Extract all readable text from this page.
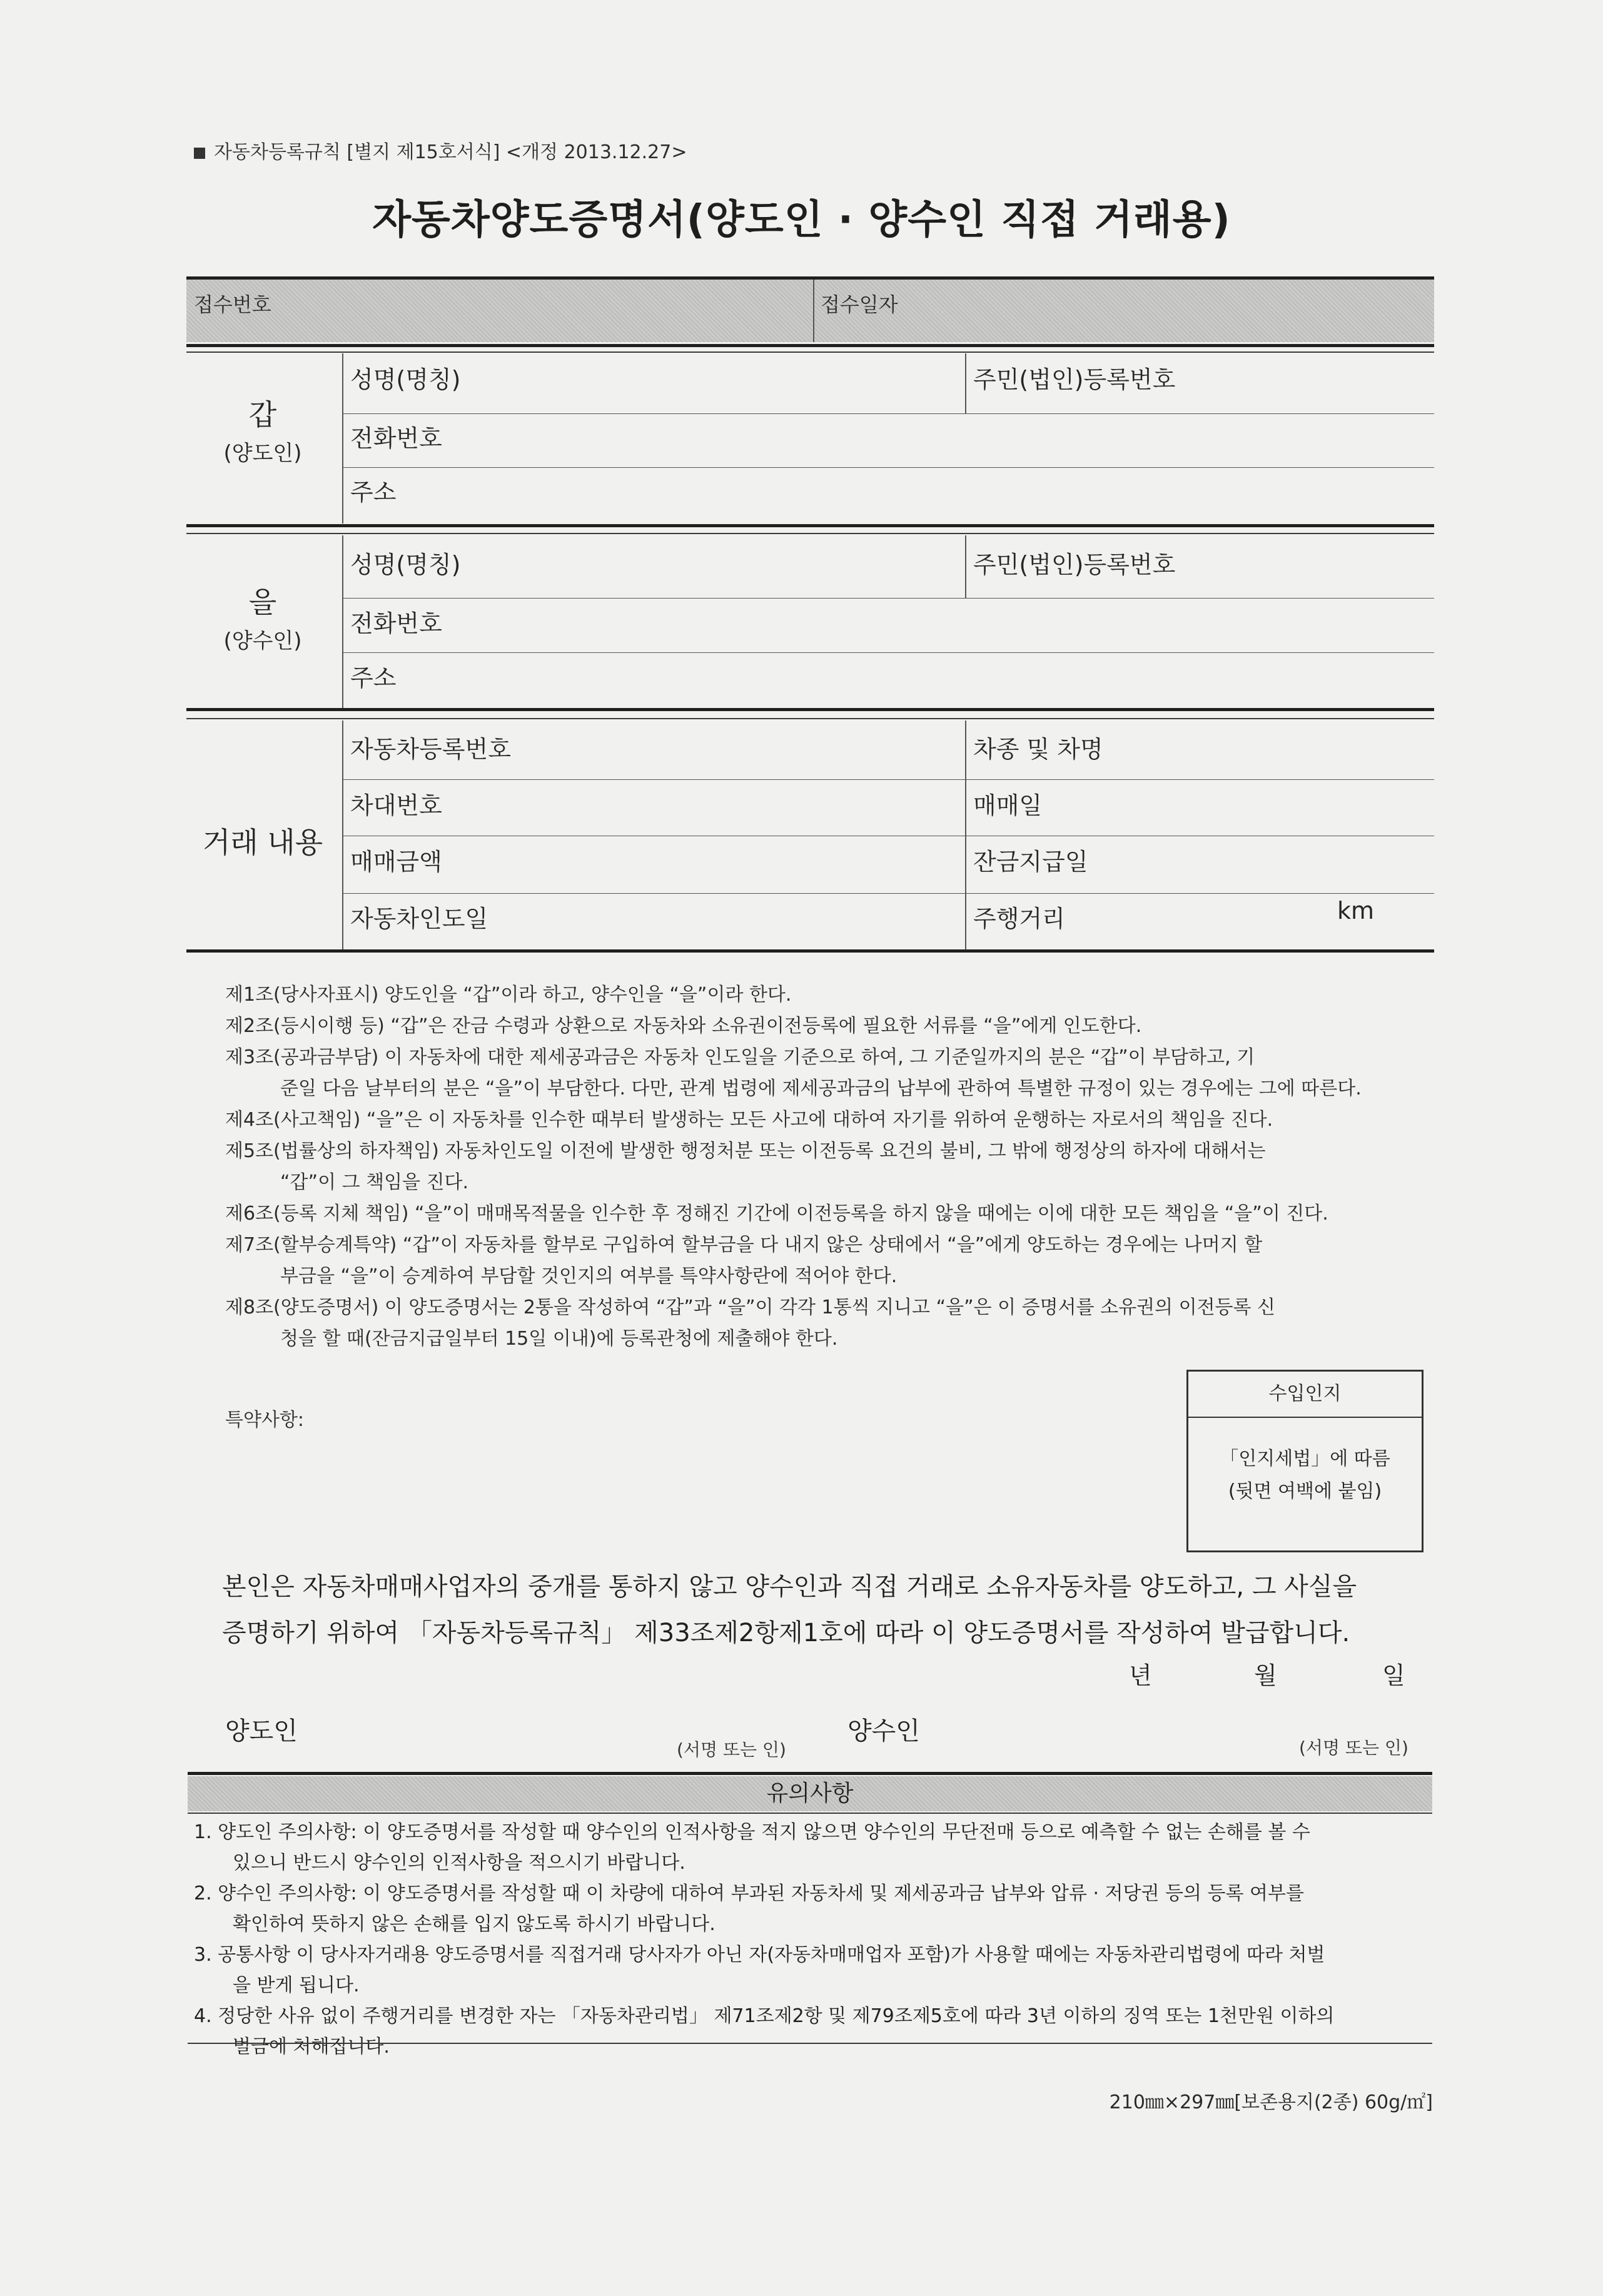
자동차등록규칙 [별지 제15호서식] <개정 2013.12.27>
자동차양도증명서(양도인 · 양수인 직접 거래용)
접수번호	접수일자
갑
(양도인)
성명(명칭)	주민(법인)등록번호
전화번호
주소
을
(양수인)
성명(명칭)	주민(법인)등록번호
전화번호
주소
거래 내용
자동차등록번호	차종 및 차명
차대번호	매매일
매매금액	잔금지급일
자동차인도일	주행거리	km
제1조(당사자표시) 양도인을 “갑”이라 하고, 양수인을 “을”이라 한다.
제2조(등시이행 등) “갑”은 잔금 수령과 상환으로 자동차와 소유권이전등록에 필요한 서류를 “을”에게 인도한다.
제3조(공과금부담) 이 자동차에 대한 제세공과금은 자동차 인도일을 기준으로 하여, 그 기준일까지의 분은 “갑”이 부담하고, 기
준일 다음 날부터의 분은 “을”이 부담한다. 다만, 관계 법령에 제세공과금의 납부에 관하여 특별한 규정이 있는 경우에는 그에 따른다.
제4조(사고책임) “을”은 이 자동차를 인수한 때부터 발생하는 모든 사고에 대하여 자기를 위하여 운행하는 자로서의 책임을 진다.
제5조(법률상의 하자책임) 자동차인도일 이전에 발생한 행정처분 또는 이전등록 요건의 불비, 그 밖에 행정상의 하자에 대해서는
“갑”이 그 책임을 진다.
제6조(등록 지체 책임) “을”이 매매목적물을 인수한 후 정해진 기간에 이전등록을 하지 않을 때에는 이에 대한 모든 책임을 “을”이 진다.
제7조(할부승계특약) “갑”이 자동차를 할부로 구입하여 할부금을 다 내지 않은 상태에서 “을”에게 양도하는 경우에는 나머지 할
부금을 “을”이 승계하여 부담할 것인지의 여부를 특약사항란에 적어야 한다.
제8조(양도증명서) 이 양도증명서는 2통을 작성하여 “갑”과 “을”이 각각 1통씩 지니고 “을”은 이 증명서를 소유권의 이전등록 신
청을 할 때(잔금지급일부터 15일 이내)에 등록관청에 제출해야 한다.
특약사항:
수입인지
「인지세법」에 따름
(뒷면 여백에 붙임)
본인은 자동차매매사업자의 중개를 통하지 않고 양수인과 직접 거래로 소유자동차를 양도하고, 그 사실을
증명하기 위하여 「자동차등록규칙」 제33조제2항제1호에 따라 이 양도증명서를 작성하여 발급합니다.
년	월	일
양도인
(서명 또는 인)
양수인
(서명 또는 인)
유의사항
1. 양도인 주의사항: 이 양도증명서를 작성할 때 양수인의 인적사항을 적지 않으면 양수인의 무단전매 등으로 예측할 수 없는 손해를 볼 수
있으니 반드시 양수인의 인적사항을 적으시기 바랍니다.
2. 양수인 주의사항: 이 양도증명서를 작성할 때 이 차량에 대하여 부과된 자동차세 및 제세공과금 납부와 압류 · 저당권 등의 등록 여부를
확인하여 뜻하지 않은 손해를 입지 않도록 하시기 바랍니다.
3. 공통사항 이 당사자거래용 양도증명서를 직접거래 당사자가 아닌 자(자동차매매업자 포함)가 사용할 때에는 자동차관리법령에 따라 처벌
을 받게 됩니다.
4. 정당한 사유 없이 주행거리를 변경한 자는 「자동차관리법」 제71조제2항 및 제79조제5호에 따라 3년 이하의 징역 또는 1천만원 이하의
벌금에 처해집니다.
210㎜×297㎜[보존용지(2종) 60g/㎡]
